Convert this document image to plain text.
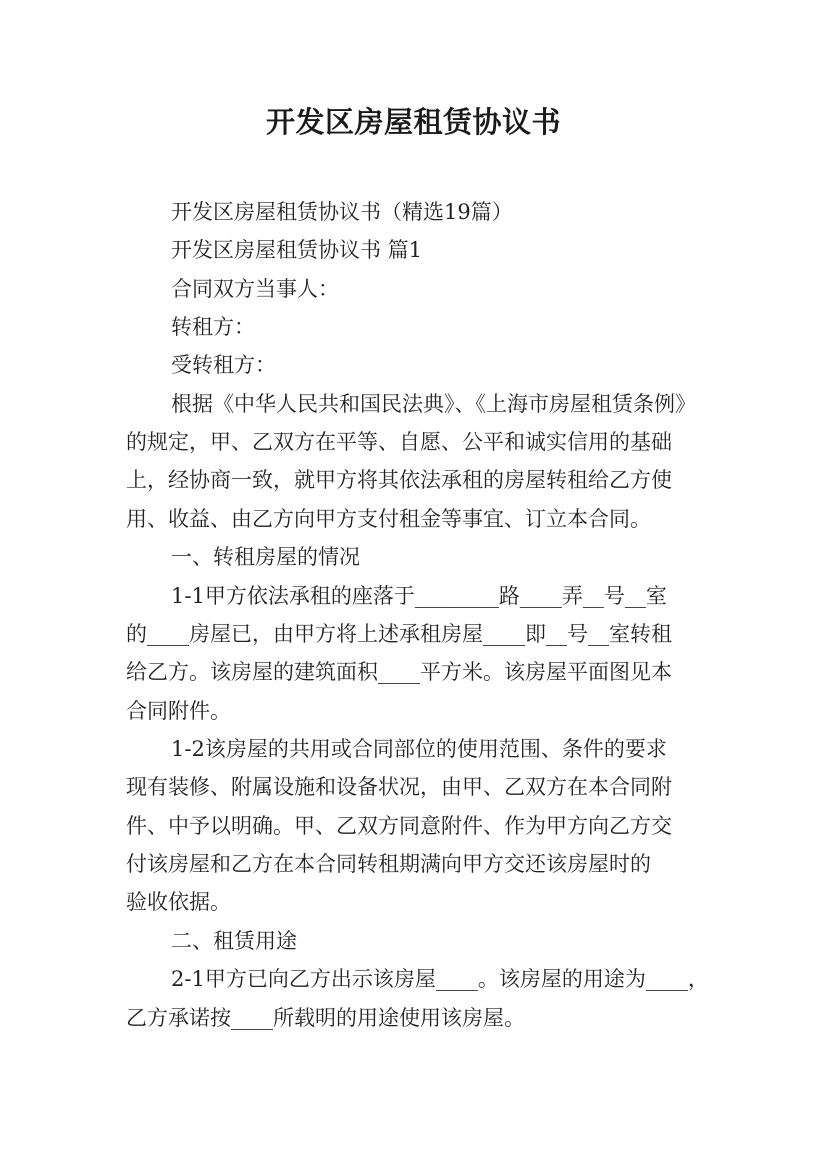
开发区房屋租赁协议书
开发区房屋租赁协议书（精选19篇）
开发区房屋租赁协议书 篇1
合同双方当事人：
转租方：
受转租方：
根据《中华人民共和国民法典》、《上海市房屋租赁条例》
的规定，甲、乙双方在平等、自愿、公平和诚实信用的基础
上，经协商一致，就甲方将其依法承租的房屋转租给乙方使
用、收益、由乙方向甲方支付租金等事宜、订立本合同。
一、转租房屋的情况
1-1甲方依法承租的座落于________路____弄__号__室
的____房屋已，由甲方将上述承租房屋____即__号__室转租
给乙方。该房屋的建筑面积____平方米。该房屋平面图见本
合同附件。
1-2该房屋的共用或合同部位的使用范围、条件的要求
现有装修、附属设施和设备状况，由甲、乙双方在本合同附
件、中予以明确。甲、乙双方同意附件、作为甲方向乙方交
付该房屋和乙方在本合同转租期满向甲方交还该房屋时的
验收依据。
二、租赁用途
2-1甲方已向乙方出示该房屋____。该房屋的用途为____，
乙方承诺按____所载明的用途使用该房屋。
